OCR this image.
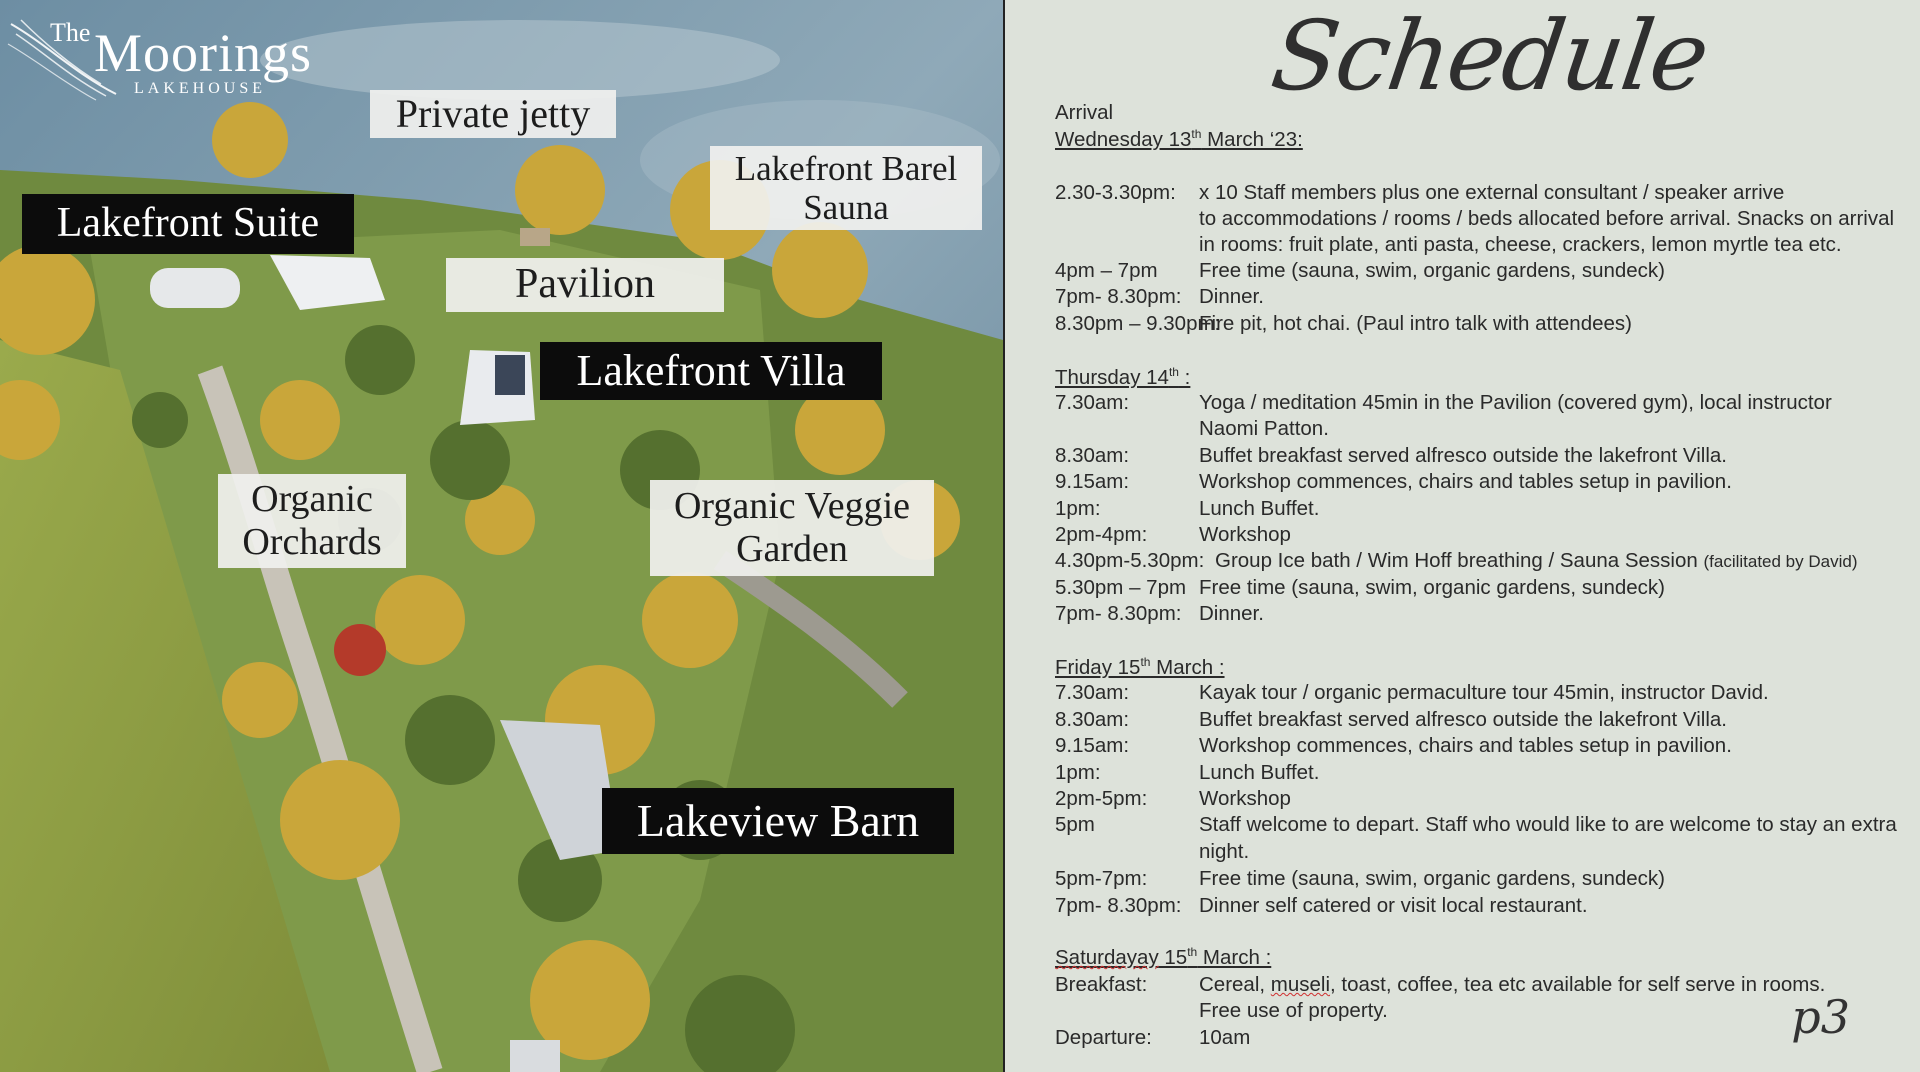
The Moorings
LAKEHOUSE
Private jetty
Lakefront Suite
Lakefront Barel
Sauna
Pavilion
Lakefront Villa
Organic
Orchards
Organic Veggie
Garden
Lakeview Barn
Schedule
Arrival
Wednesday 13th March ‘23:
2.30-3.30pm: x 10 Staff members plus one external consultant / speaker arrive
to accommodations / rooms / beds allocated before arrival. Snacks on arrival
in rooms: fruit plate, anti pasta, cheese, crackers, lemon myrtle tea etc.
4pm – 7pm Free time (sauna, swim, organic gardens, sundeck)
7pm- 8.30pm: Dinner.
8.30pm – 9.30pm:
Fire pit, hot chai. (Paul intro talk with attendees)
Thursday 14th :
7.30am:	Yoga / meditation 45min in the Pavilion (covered gym), local instructor
Naomi Patton.
8.30am:	Buffet breakfast served alfresco outside the lakefront Villa.
9.15am:	Workshop commences, chairs and tables setup in pavilion.
1pm:	Lunch Buffet.
2pm-4pm:	Workshop
4.30pm-5.30pm: Group Ice bath / Wim Hoff breathing / Sauna Session (facilitated by David)
5.30pm – 7pm Free time (sauna, swim, organic gardens, sundeck)
7pm- 8.30pm: Dinner.
Friday 15th March :
7.30am:	Kayak tour / organic permaculture tour 45min, instructor David.
8.30am:	Buffet breakfast served alfresco outside the lakefront Villa.
9.15am:	Workshop commences, chairs and tables setup in pavilion.
1pm:	Lunch Buffet.
2pm-5pm:	Workshop
5pm	Staff welcome to depart. Staff who would like to are welcome to stay an extra
night.
5pm-7pm:	Free time (sauna, swim, organic gardens, sundeck)
7pm- 8.30pm: Dinner self catered or visit local restaurant.
Saturdayay 15th March :
Breakfast:	Cereal, museli, toast, coffee, tea etc available for self serve in rooms.
Free use of property.
Departure: 10am	p3
